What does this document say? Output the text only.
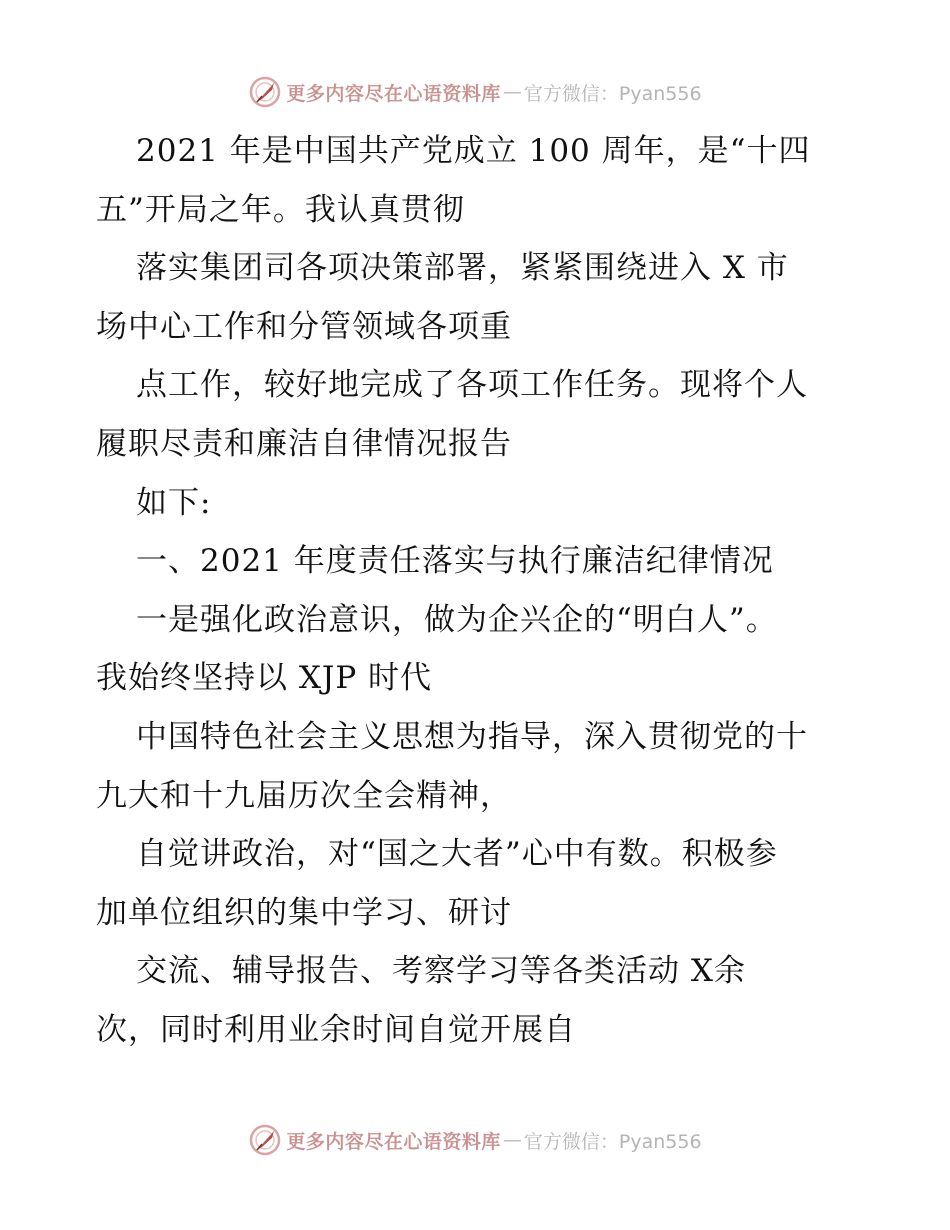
更多内容尽在心语资料库 — 官方微信：Pyan556
2021 年是中国共产党成立 100 周年，是“十四
五”开局之年。我认真贯彻
落实集团司各项决策部署，紧紧围绕进入 X 市
场中心工作和分管领域各项重
点工作，较好地完成了各项工作任务。现将个人
履职尽责和廉洁自律情况报告
如下:
一、2021 年度责任落实与执行廉洁纪律情况
一是强化政治意识，做为企兴企的“明白人”。
我始终坚持以 XJP 时代
中国特色社会主义思想为指导，深入贯彻党的十
九大和十九届历次全会精神，
自觉讲政治，对“国之大者”心中有数。积极参
加单位组织的集中学习、研讨
交流、辅导报告、考察学习等各类活动 X余
次，同时利用业余时间自觉开展自
更多内容尽在心语资料库 — 官方微信：Pyan556
